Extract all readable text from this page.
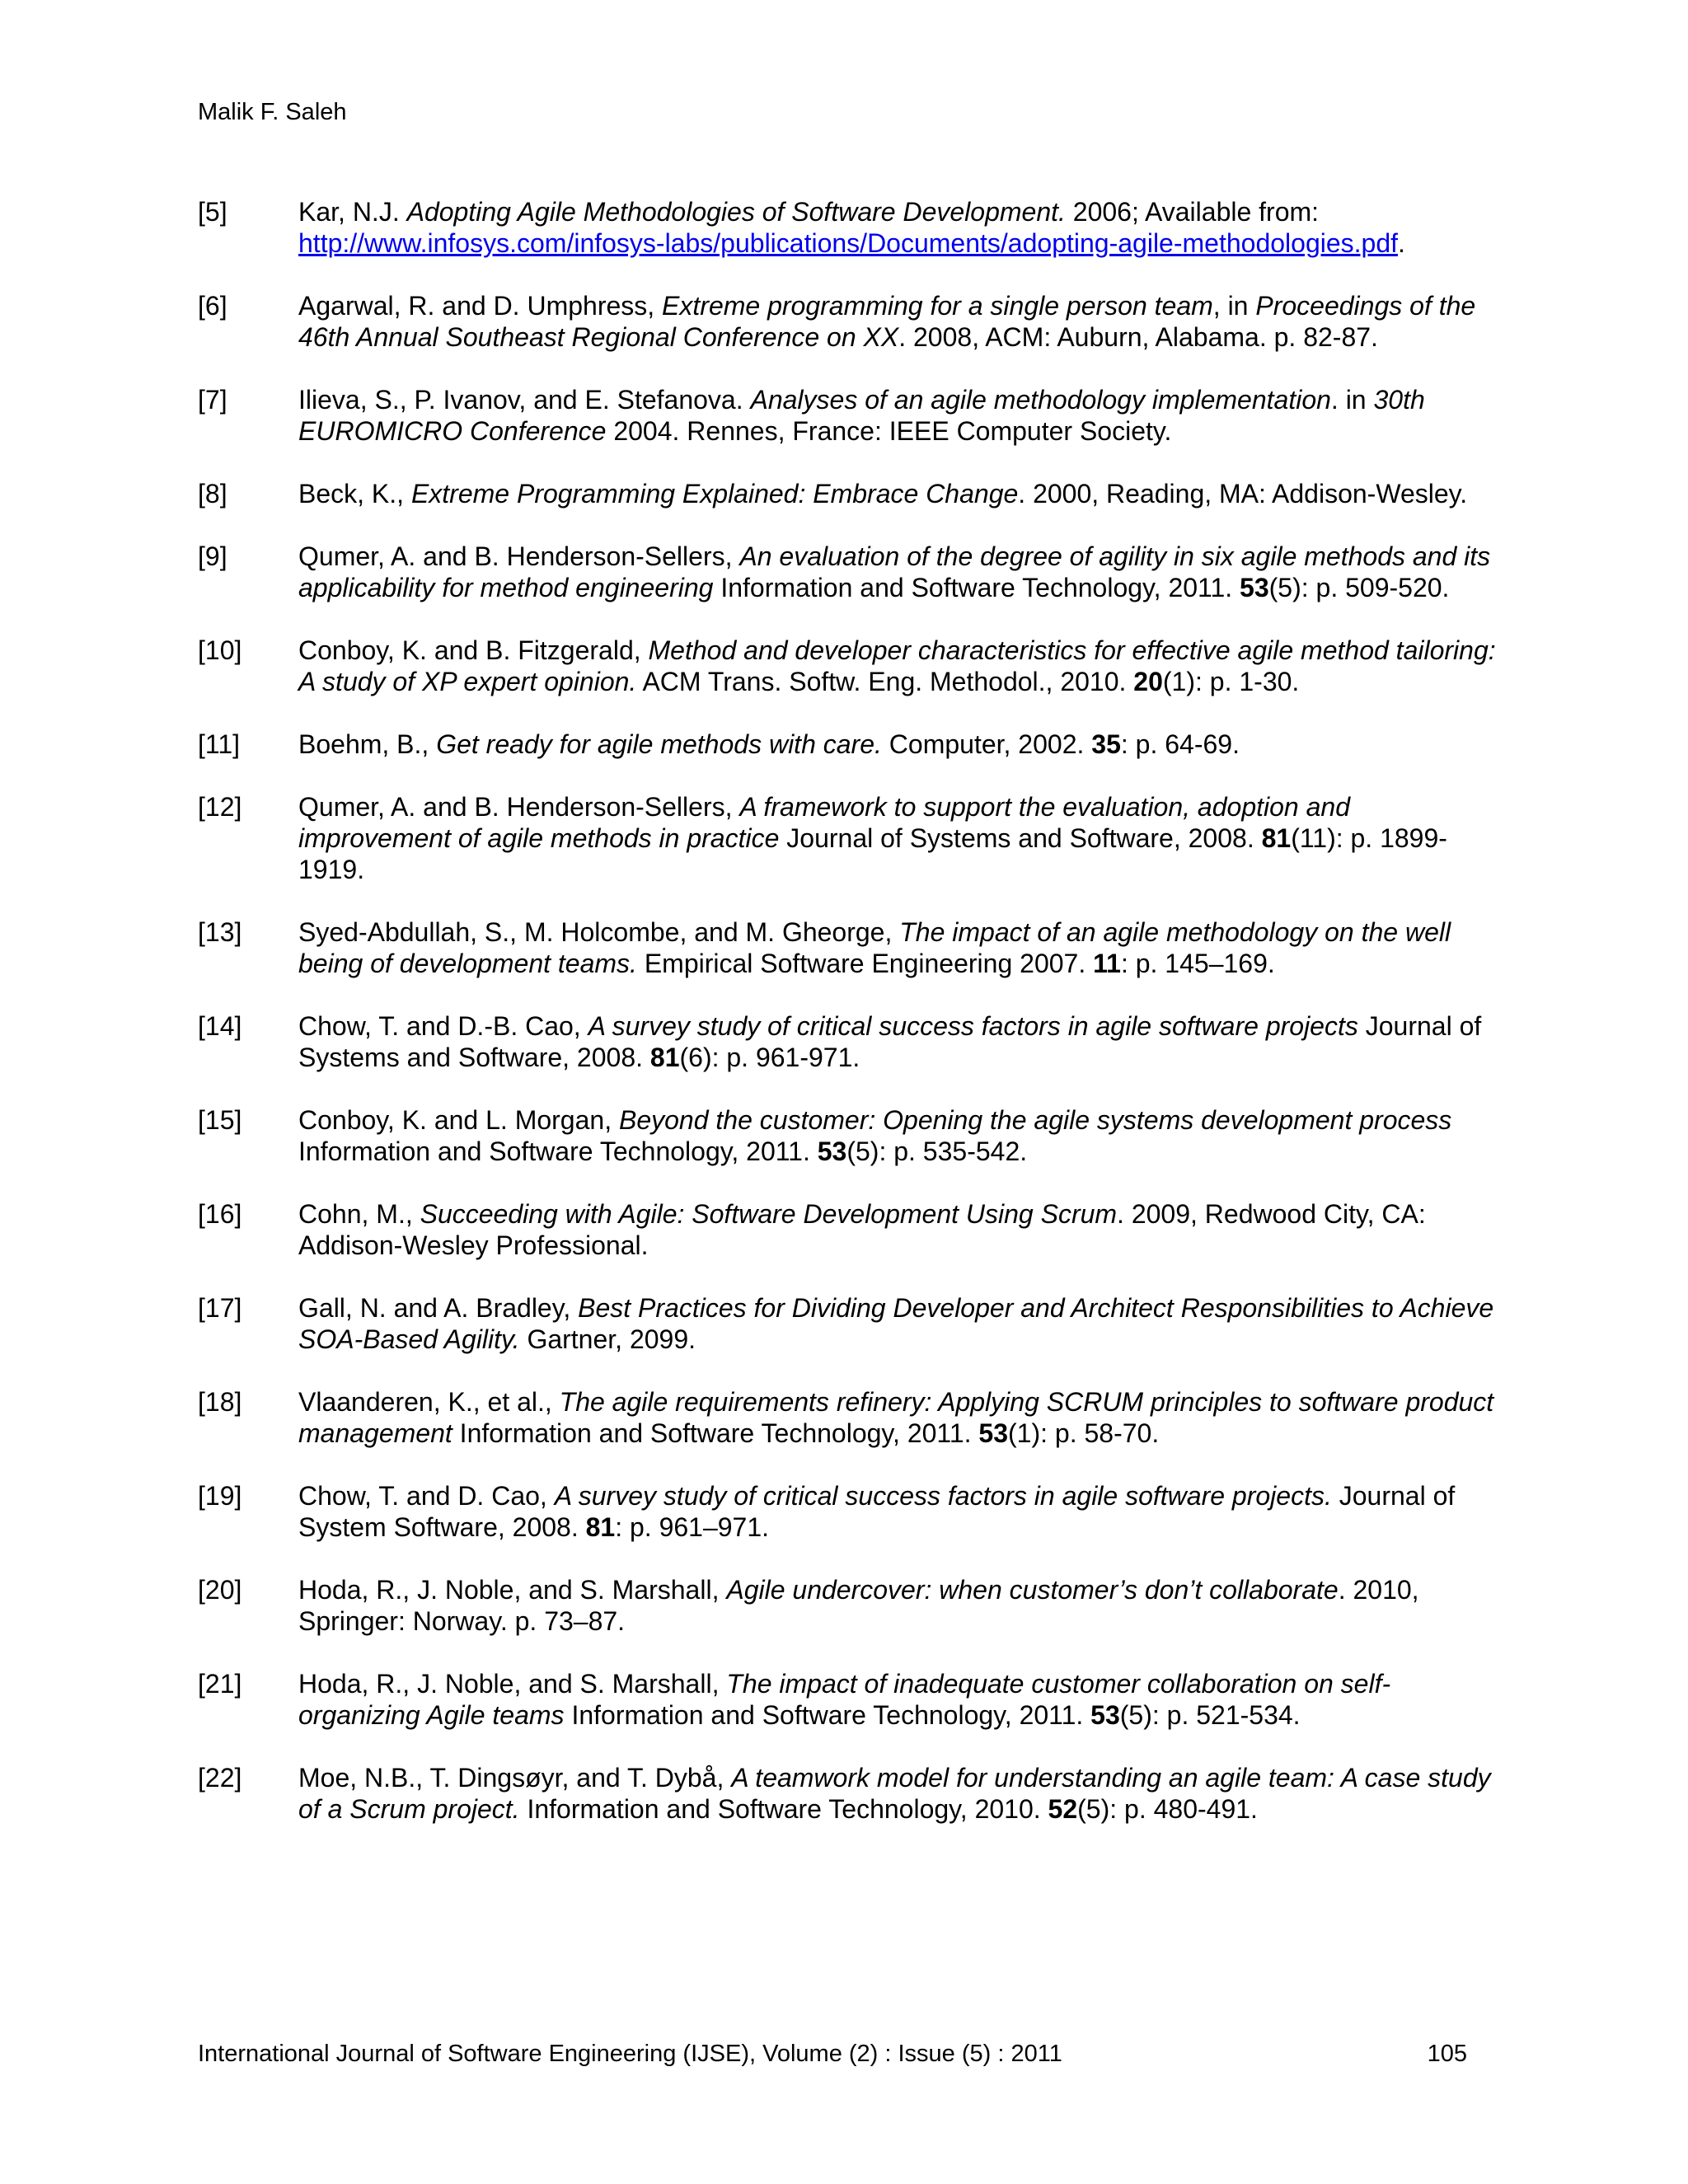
Malik F. Saleh
[5]	Kar, N.J. Adopting Agile Methodologies of Software Development. 2006; Available from: http://www.infosys.com/infosys-labs/publications/Documents/adopting-agile-methodologies.pdf.
[6]	Agarwal, R. and D. Umphress, Extreme programming for a single person team, in Proceedings of the 46th Annual Southeast Regional Conference on XX. 2008, ACM: Auburn, Alabama. p. 82-87.
[7]	Ilieva, S., P. Ivanov, and E. Stefanova. Analyses of an agile methodology implementation. in 30th EUROMICRO Conference 2004. Rennes, France: IEEE Computer Society.
[8]	Beck, K., Extreme Programming Explained: Embrace Change. 2000, Reading, MA: Addison-Wesley.
[9]	Qumer, A. and B. Henderson-Sellers, An evaluation of the degree of agility in six agile methods and its applicability for method engineering Information and Software Technology, 2011. 53(5): p. 509-520.
[10] Conboy, K. and B. Fitzgerald, Method and developer characteristics for effective agile method tailoring: A study of XP expert opinion. ACM Trans. Softw. Eng. Methodol., 2010. 20(1): p. 1-30.
[11] Boehm, B., Get ready for agile methods with care. Computer, 2002. 35: p. 64-69.
[12] Qumer, A. and B. Henderson-Sellers, A framework to support the evaluation, adoption and improvement of agile methods in practice Journal of Systems and Software, 2008. 81(11): p. 1899-1919.
[13] Syed-Abdullah, S., M. Holcombe, and M. Gheorge, The impact of an agile methodology on the well being of development teams. Empirical Software Engineering 2007. 11: p. 145–169.
[14] Chow, T. and D.-B. Cao, A survey study of critical success factors in agile software projects Journal of Systems and Software, 2008. 81(6): p. 961-971.
[15] Conboy, K. and L. Morgan, Beyond the customer: Opening the agile systems development process Information and Software Technology, 2011. 53(5): p. 535-542.
[16] Cohn, M., Succeeding with Agile: Software Development Using Scrum. 2009, Redwood City, CA: Addison-Wesley Professional.
[17] Gall, N. and A. Bradley, Best Practices for Dividing Developer and Architect Responsibilities to Achieve SOA-Based Agility. Gartner, 2099.
[18] Vlaanderen, K., et al., The agile requirements refinery: Applying SCRUM principles to software product management Information and Software Technology, 2011. 53(1): p. 58-70.
[19] Chow, T. and D. Cao, A survey study of critical success factors in agile software projects. Journal of System Software, 2008. 81: p. 961–971.
[20] Hoda, R., J. Noble, and S. Marshall, Agile undercover: when customer’s don’t collaborate. 2010, Springer: Norway. p. 73–87.
[21] Hoda, R., J. Noble, and S. Marshall, The impact of inadequate customer collaboration on self-organizing Agile teams Information and Software Technology, 2011. 53(5): p. 521-534.
[22] Moe, N.B., T. Dingsøyr, and T. Dybå, A teamwork model for understanding an agile team: A case study of a Scrum project. Information and Software Technology, 2010. 52(5): p. 480-491.
International Journal of Software Engineering (IJSE), Volume (2) : Issue (5) : 2011	105
